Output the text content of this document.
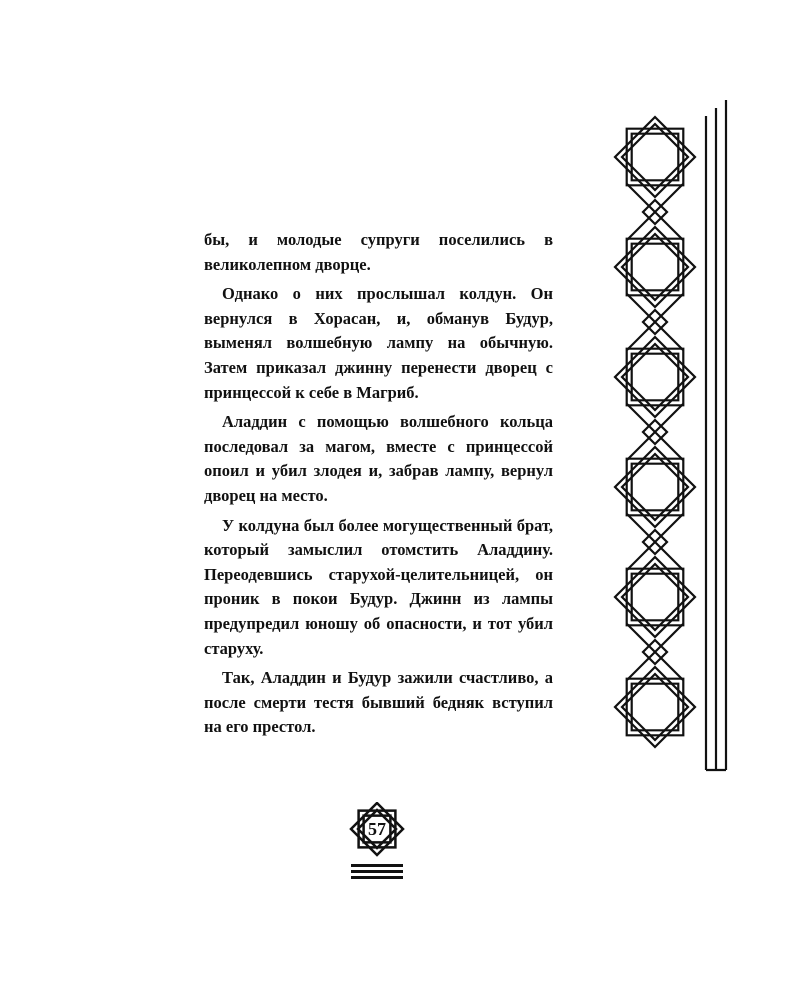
бы, и молодые супруги поселились в великолепном дворце.

Однако о них прослышал колдун. Он вернулся в Хорасан, и, обманув Будур, выменял волшебную лампу на обычную. Затем приказал джинну перенести дворец с принцессой к себе в Магриб.

Аладдин с помощью волшебного кольца последовал за магом, вместе с принцессой опоил и убил злодея и, забрав лампу, вернул дворец на место.

У колдуна был более могущественный брат, который замыслил отомстить Аладдину. Переодевшись старухой-целительницей, он проник в покои Будур. Джинн из лампы предупредил юношу об опасности, и тот убил старуху.

Так, Аладдин и Будур зажили счастливо, а после смерти тестя бывший бедняк вступил на его престол.

57
